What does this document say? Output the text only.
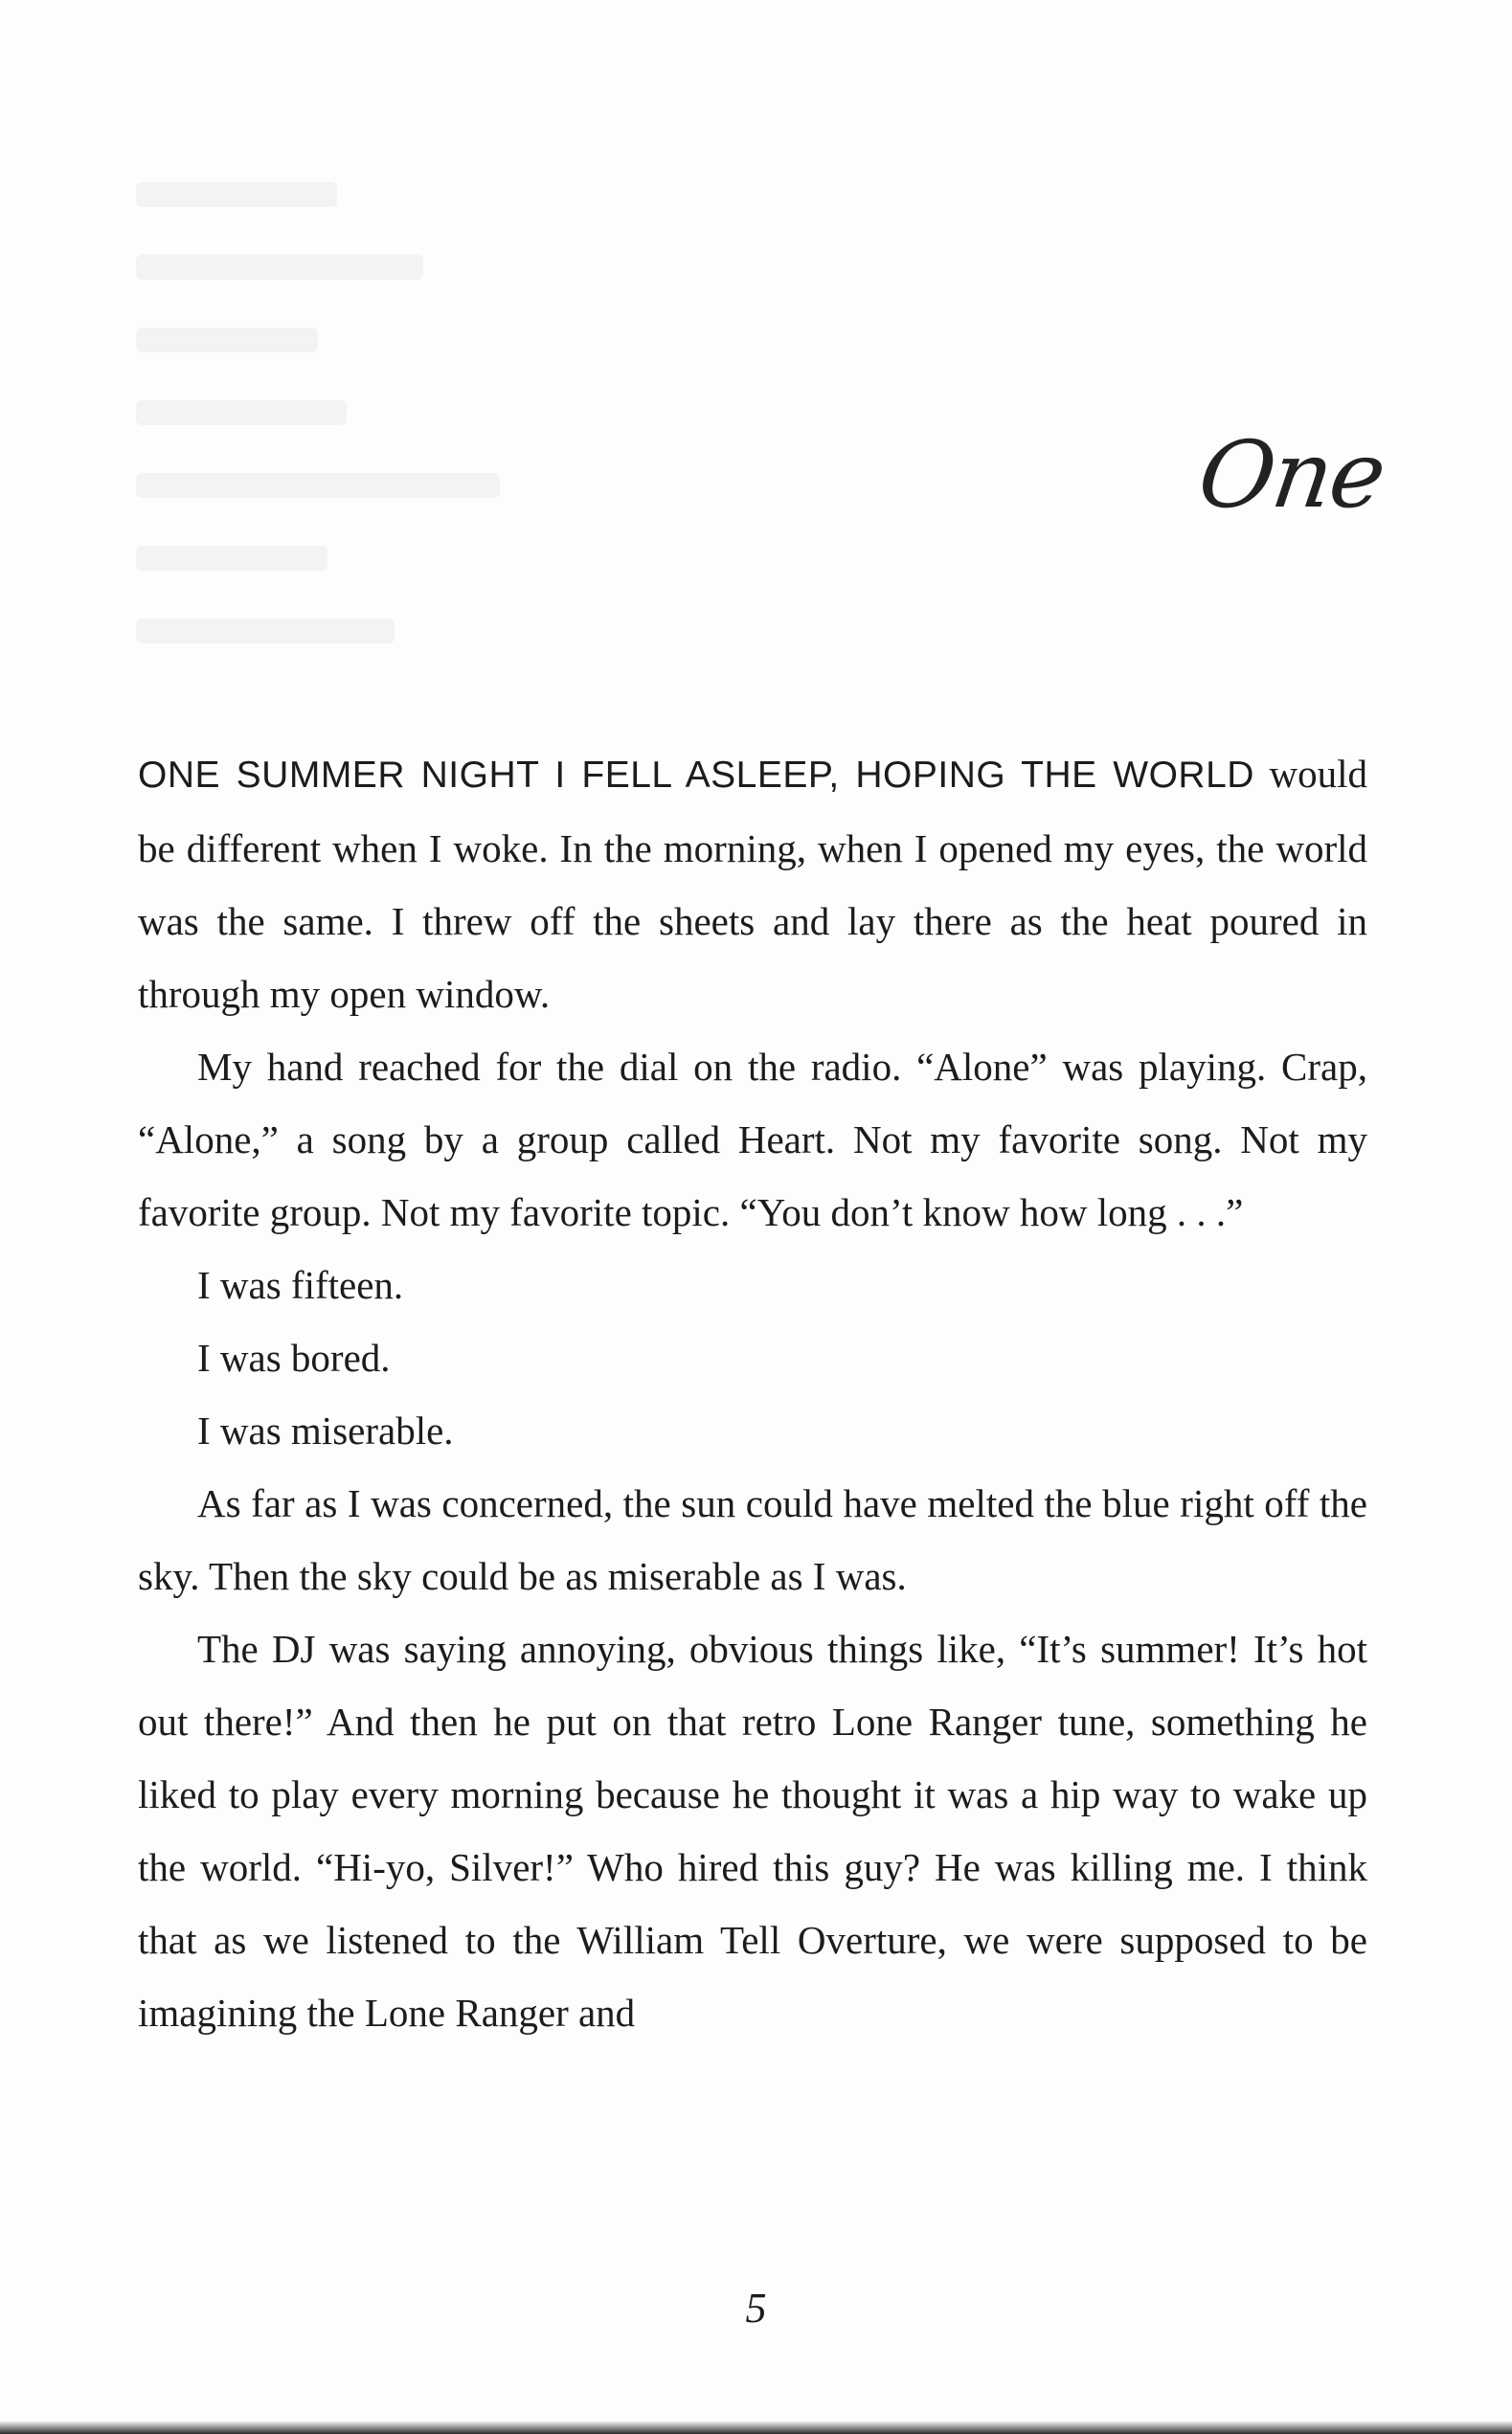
One

ONE SUMMER NIGHT I FELL ASLEEP, HOPING THE WORLD would be different when I woke. In the morning, when I opened my eyes, the world was the same. I threw off the sheets and lay there as the heat poured in through my open window.

My hand reached for the dial on the radio. “Alone” was playing. Crap, “Alone,” a song by a group called Heart. Not my favorite song. Not my favorite group. Not my favorite topic. “You don’t know how long . . .”

I was fifteen.

I was bored.

I was miserable.

As far as I was concerned, the sun could have melted the blue right off the sky. Then the sky could be as miserable as I was.

The DJ was saying annoying, obvious things like, “It’s summer! It’s hot out there!” And then he put on that retro Lone Ranger tune, something he liked to play every morning because he thought it was a hip way to wake up the world. “Hi-yo, Silver!” Who hired this guy? He was killing me. I think that as we listened to the William Tell Overture, we were supposed to be imagining the Lone Ranger and

5
